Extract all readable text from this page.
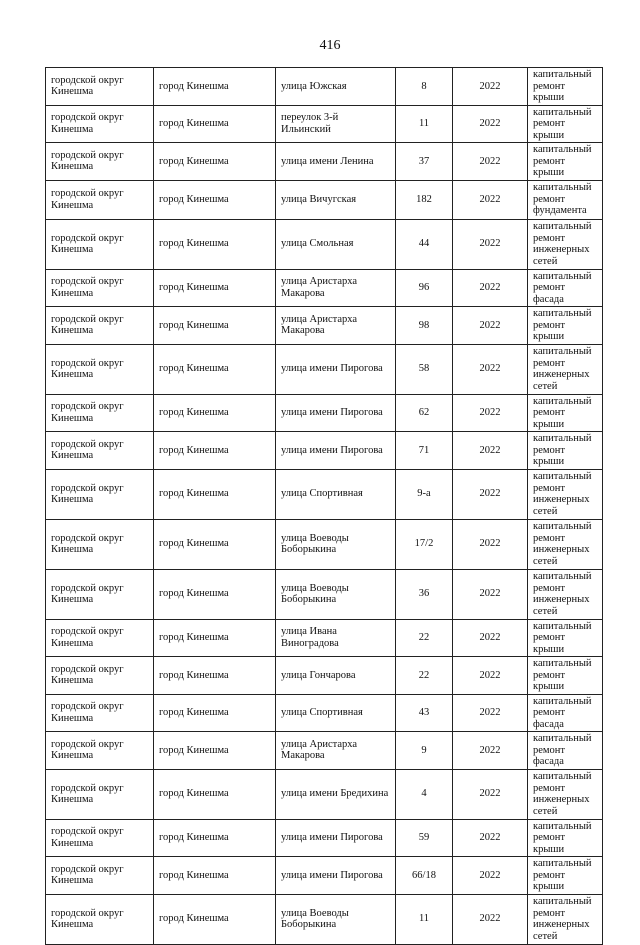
416
городской округ Кинешма	город Кинешма	улица Южская	8	2022	капитальный ремонт крыши
городской округ Кинешма	город Кинешма	переулок 3-й Ильинский	11	2022	капитальный ремонт крыши
городской округ Кинешма	город Кинешма	улица имени Ленина	37	2022	капитальный ремонт крыши
городской округ Кинешма	город Кинешма	улица Вичугская	182	2022	капитальный ремонт фундамента
городской округ Кинешма	город Кинешма	улица Смольная	44	2022	капитальный ремонт инженерных сетей
городской округ Кинешма	город Кинешма	улица Аристарха Макарова	96	2022	капитальный ремонт фасада
городской округ Кинешма	город Кинешма	улица Аристарха Макарова	98	2022	капитальный ремонт крыши
городской округ Кинешма	город Кинешма	улица имени Пирогова	58	2022	капитальный ремонт инженерных сетей
городской округ Кинешма	город Кинешма	улица имени Пирогова	62	2022	капитальный ремонт крыши
городской округ Кинешма	город Кинешма	улица имени Пирогова	71	2022	капитальный ремонт крыши
городской округ Кинешма	город Кинешма	улица Спортивная	9-а	2022	капитальный ремонт инженерных сетей
городской округ Кинешма	город Кинешма	улица Воеводы Боборыкина	17/2	2022	капитальный ремонт инженерных сетей
городской округ Кинешма	город Кинешма	улица Воеводы Боборыкина	36	2022	капитальный ремонт инженерных сетей
городской округ Кинешма	город Кинешма	улица Ивана Виноградова	22	2022	капитальный ремонт крыши
городской округ Кинешма	город Кинешма	улица Гончарова	22	2022	капитальный ремонт крыши
городской округ Кинешма	город Кинешма	улица Спортивная	43	2022	капитальный ремонт фасада
городской округ Кинешма	город Кинешма	улица Аристарха Макарова	9	2022	капитальный ремонт фасада
городской округ Кинешма	город Кинешма	улица имени Бредихина	4	2022	капитальный ремонт инженерных сетей
городской округ Кинешма	город Кинешма	улица имени Пирогова	59	2022	капитальный ремонт крыши
городской округ Кинешма	город Кинешма	улица имени Пирогова	66/18	2022	капитальный ремонт крыши
городской округ Кинешма	город Кинешма	улица Воеводы Боборыкина	11	2022	капитальный ремонт инженерных сетей
